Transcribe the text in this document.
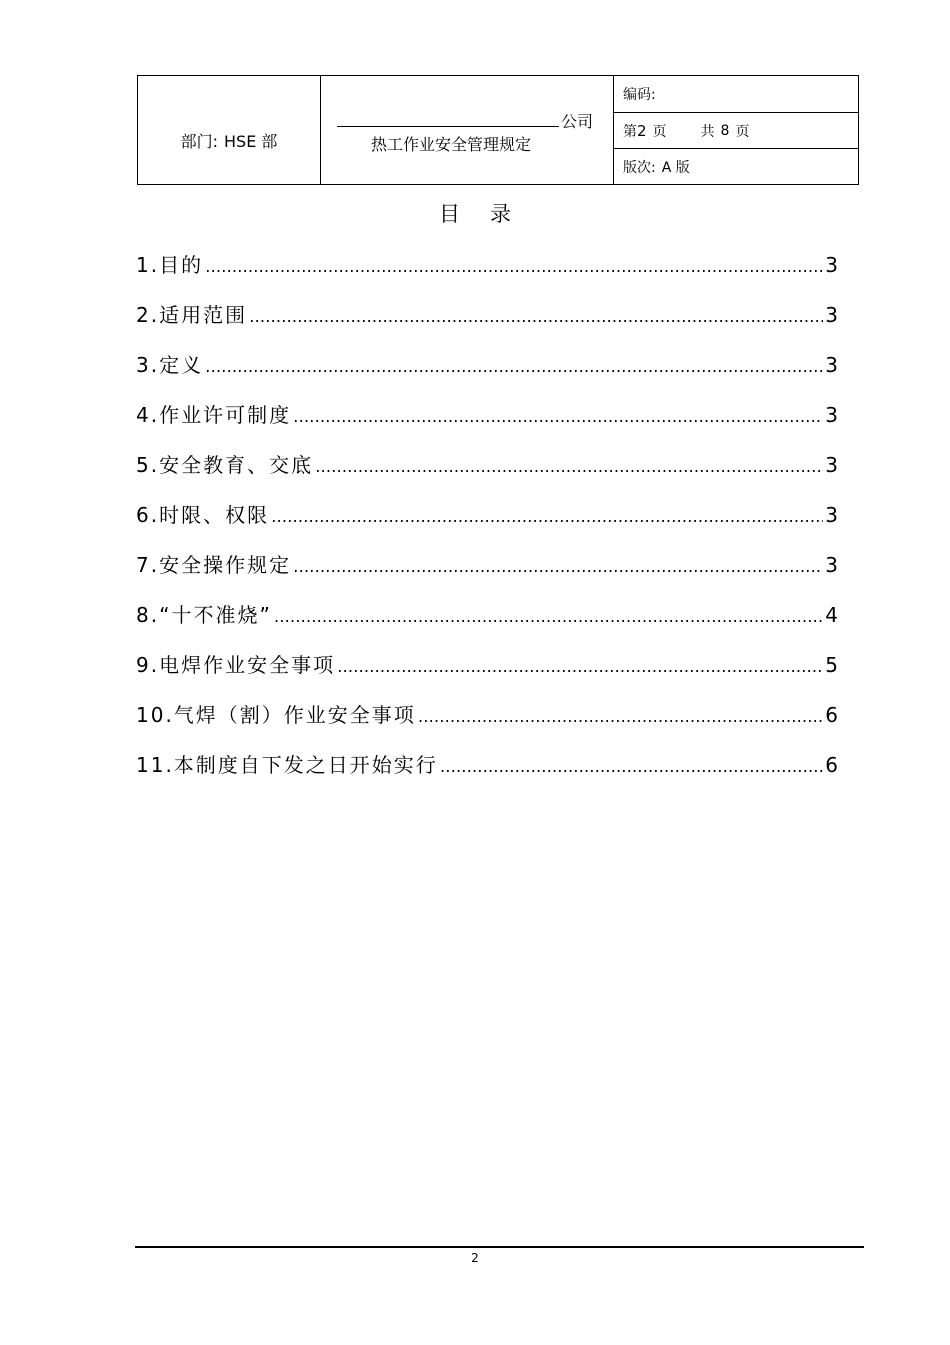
部门: HSE 部
公司
热工作业安全管理规定
编码:
第 2 页 共 8 页
版次: A 版
目录
1.目的 ……………………………………………………………………………………………………………………………………	3
2.适用范围 ……………………………………………………………………………………………………………………………………	3
3.定义 ……………………………………………………………………………………………………………………………………	3
4.作业许可制度 ……………………………………………………………………………………………………………………………………	3
5.安全教育、交底 ……………………………………………………………………………………………………………………………………	3
6.时限、权限 ……………………………………………………………………………………………………………………………………	3
7.安全操作规定 ……………………………………………………………………………………………………………………………………	3
8.“十不准烧” ……………………………………………………………………………………………………………………………………	4
9.电焊作业安全事项 ……………………………………………………………………………………………………………………………………	5
10.气焊（割）作业安全事项 ……………………………………………………………………………………………………………………………………	6
11.本制度自下发之日开始实行 ……………………………………………………………………………………………………………………………………	6
2
